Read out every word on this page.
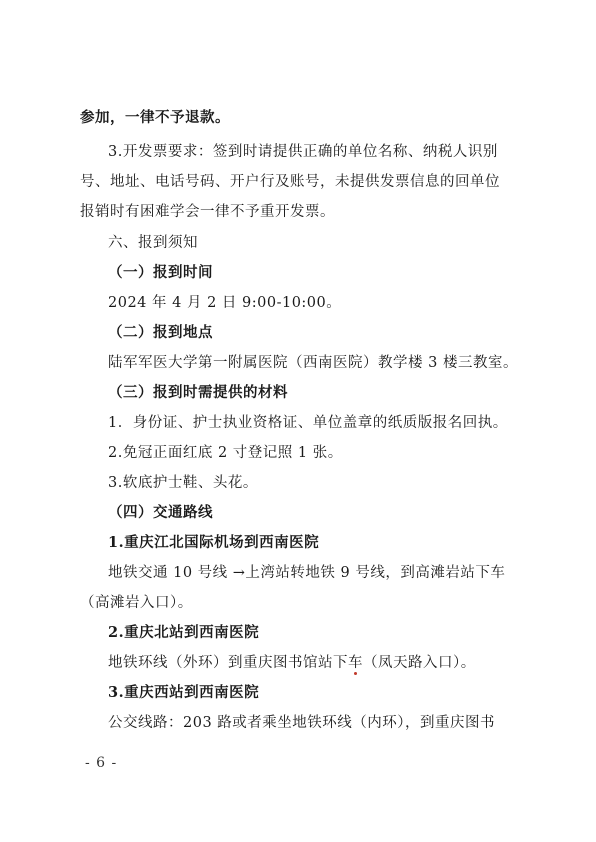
参加，一律不予退款。
3.开发票要求：签到时请提供正确的单位名称、纳税人识别
号、地址、电话号码、开户行及账号，未提供发票信息的回单位
报销时有困难学会一律不予重开发票。
六、报到须知
（一）报到时间
2024 年 4 月 2 日 9:00-10:00。
（二）报到地点
陆军军医大学第一附属医院（西南医院）教学楼 3 楼三教室。
（三）报到时需提供的材料
1．身份证、护士执业资格证、单位盖章的纸质版报名回执。
2.免冠正面红底 2 寸登记照 1 张。
3.软底护士鞋、头花。
（四）交通路线
1.重庆江北国际机场到西南医院
地铁交通 10 号线 →上湾站转地铁 9 号线，到高滩岩站下车
（高滩岩入口）。
2.重庆北站到西南医院
地铁环线（外环）到重庆图书馆站下车（凤天路入口）。
3.重庆西站到西南医院
公交线路：203 路或者乘坐地铁环线（内环），到重庆图书
- 6 -
